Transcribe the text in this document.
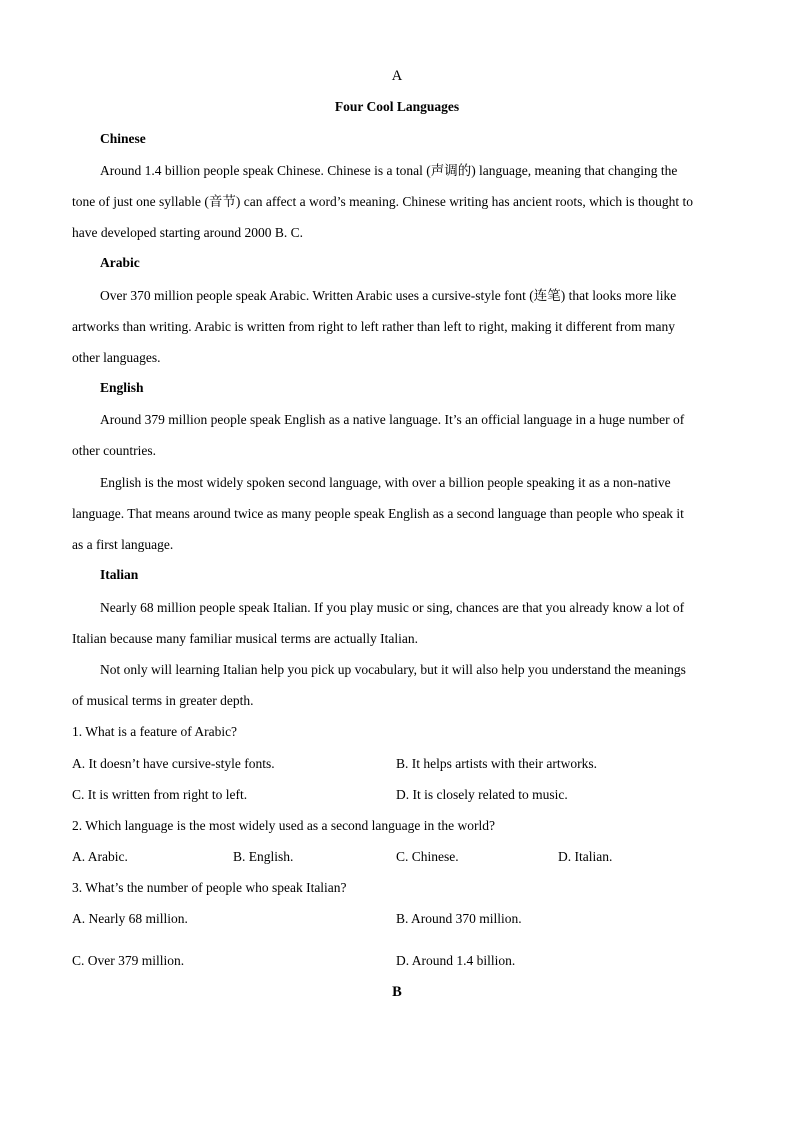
A
Four Cool Languages
Chinese
Around 1.4 billion people speak Chinese. Chinese is a tonal (声调的) language, meaning that changing the
tone of just one syllable (音节) can affect a word’s meaning. Chinese writing has ancient roots, which is thought to
have developed starting around 2000 B. C.
Arabic
Over 370 million people speak Arabic. Written Arabic uses a cursive-style font (连笔) that looks more like
artworks than writing. Arabic is written from right to left rather than left to right, making it different from many
other languages.
English
Around 379 million people speak English as a native language. It’s an official language in a huge number of
other countries.
English is the most widely spoken second language, with over a billion people speaking it as a non-native
language. That means around twice as many people speak English as a second language than people who speak it
as a first language.
Italian
Nearly 68 million people speak Italian. If you play music or sing, chances are that you already know a lot of
Italian because many familiar musical terms are actually Italian.
Not only will learning Italian help you pick up vocabulary, but it will also help you understand the meanings
of musical terms in greater depth.
1. What is a feature of Arabic?
A. It doesn’t have cursive-style fonts.	B. It helps artists with their artworks.
C. It is written from right to left.	D. It is closely related to music.
2. Which language is the most widely used as a second language in the world?
A. Arabic.	B. English.	C. Chinese.	D. Italian.
3. What’s the number of people who speak Italian?
A. Nearly 68 million.	B. Around 370 million.
C. Over 379 million.	D. Around 1.4 billion.
B
